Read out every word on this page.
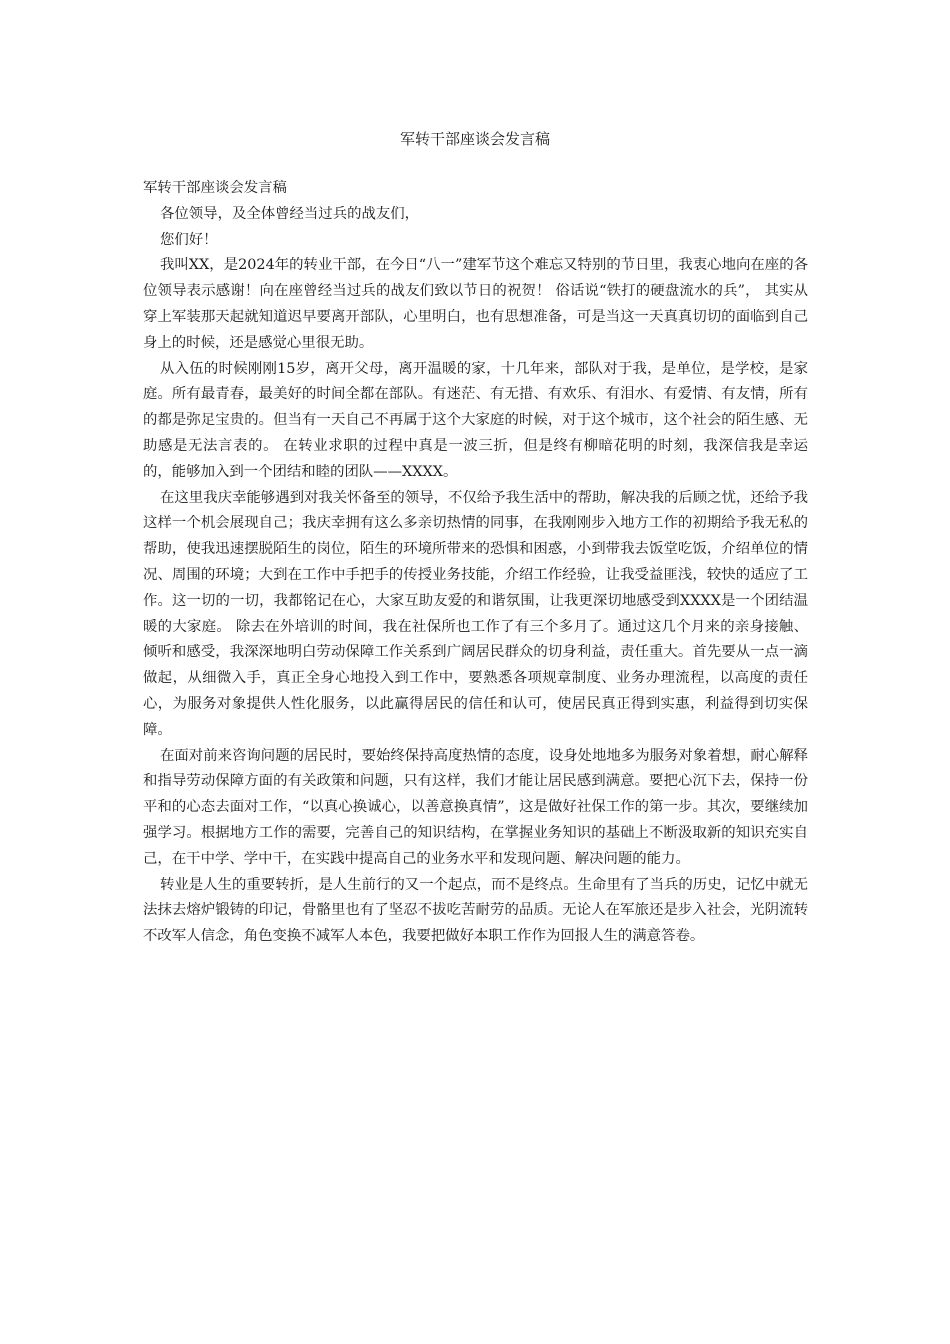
军转干部座谈会发言稿

军转干部座谈会发言稿

各位领导，及全体曾经当过兵的战友们，

您们好！

我叫XX，是2024年的转业干部，在今日“八一”建军节这个难忘又特别的节日里，我衷心地向在座的各位领导表示感谢！向在座曾经当过兵的战友们致以节日的祝贺！ 俗话说“铁打的硬盘流水的兵”， 其实从穿上军装那天起就知道迟早要离开部队，心里明白，也有思想准备，可是当这一天真真切切的面临到自己身上的时候，还是感觉心里很无助。

从入伍的时候刚刚15岁，离开父母，离开温暖的家，十几年来，部队对于我，是单位，是学校，是家庭。所有最青春，最美好的时间全都在部队。有迷茫、有无措、有欢乐、有泪水、有爱情、有友情，所有的都是弥足宝贵的。但当有一天自己不再属于这个大家庭的时候，对于这个城市，这个社会的陌生感、无助感是无法言表的。 在转业求职的过程中真是一波三折，但是终有柳暗花明的时刻，我深信我是幸运的，能够加入到一个团结和睦的团队——XXXX。

在这里我庆幸能够遇到对我关怀备至的领导，不仅给予我生活中的帮助，解决我的后顾之忧，还给予我这样一个机会展现自己；我庆幸拥有这么多亲切热情的同事，在我刚刚步入地方工作的初期给予我无私的帮助，使我迅速摆脱陌生的岗位，陌生的环境所带来的恐惧和困惑，小到带我去饭堂吃饭，介绍单位的情况、周围的环境；大到在工作中手把手的传授业务技能，介绍工作经验，让我受益匪浅，较快的适应了工作。这一切的一切，我都铭记在心，大家互助友爱的和谐氛围，让我更深切地感受到XXXX是一个团结温暖的大家庭。 除去在外培训的时间，我在社保所也工作了有三个多月了。通过这几个月来的亲身接触、倾听和感受，我深深地明白劳动保障工作关系到广阔居民群众的切身利益，责任重大。首先要从一点一滴做起，从细微入手，真正全身心地投入到工作中，要熟悉各项规章制度、业务办理流程，以高度的责任心，为服务对象提供人性化服务，以此赢得居民的信任和认可，使居民真正得到实惠，利益得到切实保障。

在面对前来咨询问题的居民时，要始终保持高度热情的态度，设身处地地多为服务对象着想，耐心解释和指导劳动保障方面的有关政策和问题，只有这样，我们才能让居民感到满意。要把心沉下去，保持一份平和的心态去面对工作，“以真心换诚心，以善意换真情”，这是做好社保工作的第一步。其次，要继续加强学习。根据地方工作的需要，完善自己的知识结构，在掌握业务知识的基础上不断汲取新的知识充实自己，在干中学、学中干，在实践中提高自己的业务水平和发现问题、解决问题的能力。

转业是人生的重要转折，是人生前行的又一个起点，而不是终点。生命里有了当兵的历史，记忆中就无法抹去熔炉锻铸的印记，骨骼里也有了坚忍不拔吃苦耐劳的品质。无论人在军旅还是步入社会，光阴流转不改军人信念，角色变换不减军人本色，我要把做好本职工作作为回报人生的满意答卷。
